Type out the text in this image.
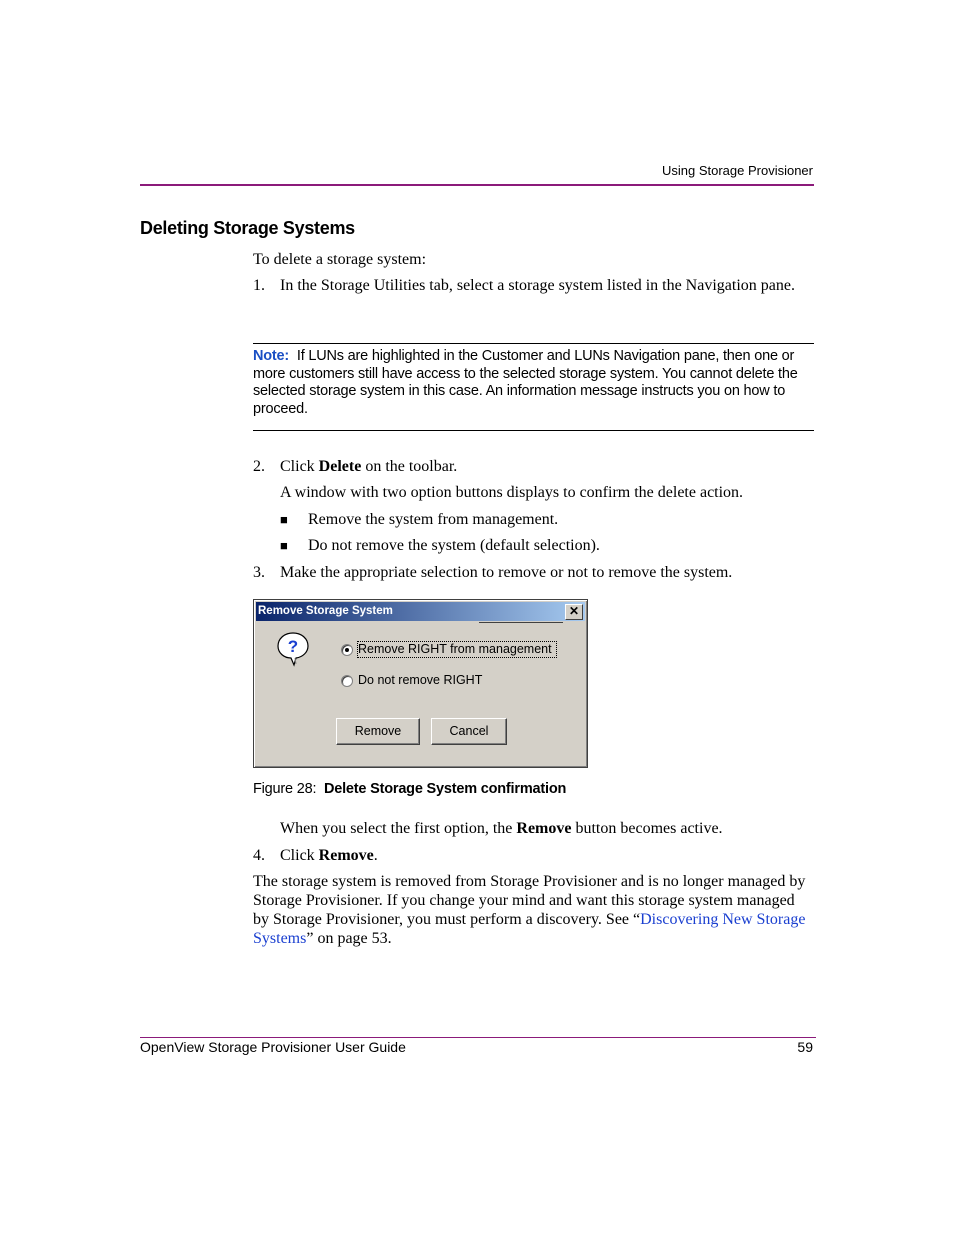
Using Storage Provisioner
Deleting Storage Systems
To delete a storage system:
1. In the Storage Utilities tab, select a storage system listed in the Navigation pane.
Note: If LUNs are highlighted in the Customer and LUNs Navigation pane, then one or more customers still have access to the selected storage system. You cannot delete the selected storage system in this case. An information message instructs you on how to proceed.
2. Click Delete on the toolbar.
A window with two option buttons displays to confirm the delete action.
■ Remove the system from management.
■ Do not remove the system (default selection).
3. Make the appropriate selection to remove or not to remove the system.
Remove Storage System	✕
?	Remove RIGHT from management
Do not remove RIGHT
Remove	Cancel
Figure 28: Delete Storage System confirmation
When you select the first option, the Remove button becomes active.
4. Click Remove.
The storage system is removed from Storage Provisioner and is no longer managed by Storage Provisioner. If you change your mind and want this storage system managed by Storage Provisioner, you must perform a discovery. See “Discovering New Storage Systems” on page 53.
OpenView Storage Provisioner User Guide	59
